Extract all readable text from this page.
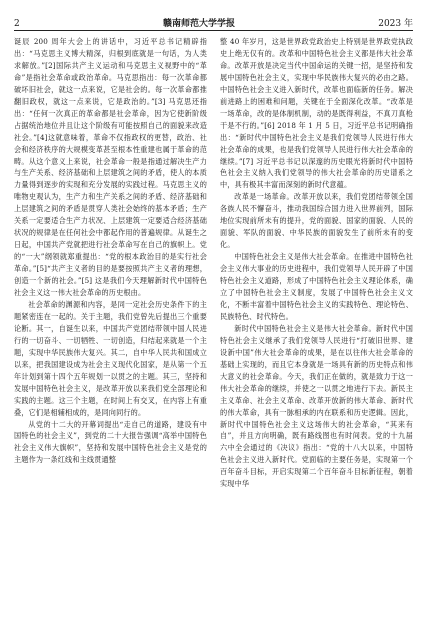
2	赣南师范大学学报	2023 年

诞辰 200 周年大会上的讲话中，习近平总书记精辟指出：“马克思主义博大精深，归根到底就是一句话，为人类求解放。”[2]国际共产主义运动和马克思主义视野中的“革命”是指社会革命或政治革命。马克思指出：每一次革命都破坏旧社会，就这一点来说，它是社会的。每一次革命都推翻旧政权，就这一点来说，它是政治的。”[3] 马克思还指出：“任何一次真正的革命都是社会革命，因为它使新阶级占据统治地位并且让这个阶级有可能按照自己的面貌来改造社会。”[4]这就意味着，革命不仅指政权的更替，政治、社会和经济秩序的大规模变革甚至根本性重建也属于革命的范畴。从这个意义上来说，社会革命一般是指通过解决生产力与生产关系、经济基础和上层建筑之间的矛盾，使人的本质力量得到逐步的实现和充分发展的实践过程。马克思主义的唯物史观认为，生产力和生产关系之间的矛盾、经济基础和上层建筑之间的矛盾是贯穿人类社会始终的基本矛盾；生产关系一定要适合生产力状况、上层建筑一定要适合经济基础状况的规律是在任何社会中都起作用的普遍规律。从诞生之日起，中国共产党就把进行社会革命写在自己的旗帜上。党的“一大”纲领就郑重提出：“党的根本政治目的是实行社会革命。”[5]“共产主义者的目的是要按照共产主义者的理想，创造一个新的社会。”[5] 这是我们今天理解新时代中国特色社会主义这一伟大社会革命的历史根由。

社会革命的渊源和内容，是同一定社会历史条件下的主题紧密连在一起的。关于主题，我们党曾先后提出三个重要论断。其一，自诞生以来，中国共产党团结带领中国人民进行的一切奋斗、一切牺牲、一切创造，归结起来就是一个主题，实现中华民族伟大复兴。其二，自中华人民共和国成立以来，把我国建设成为社会主义现代化国家，是从第一个五年计划到第十四个五年规划一以贯之的主题。其三，坚持和发展中国特色社会主义，是改革开放以来我们党全部理论和实践的主题。这三个主题，在时间上有交叉，在内容上有重叠，它们是相辅相成的，是同向同行的。

从党的十二大的开幕词提出“走自己的道路，建设有中国特色的社会主义”，到党的二十大报告强调“高举中国特色社会主义伟大旗帜”，坚持和发展中国特色社会主义是党的主题作为一条红线和主线贯通整

整 40 年岁月，这是世界政党政治史上特别是世界政党执政史上绝无仅有的。改革和中国特色社会主义都是伟大社会革命。改革开放是决定当代中国命运的关键一招，是坚持和发展中国特色社会主义，实现中华民族伟大复兴的必由之路。中国特色社会主义进入新时代，改革也面临新的任务。解决前进路上的困难和问题，关键在于全面深化改革。“改革是一场革命，改的是体制机制，动的是既得利益，不真刀真枪干是不行的。”[6] 2018 年 1 月 5 日，习近平总书记明确指出：“新时代中国特色社会主义是我们党领导人民进行伟大社会革命的成果，也是我们党领导人民进行伟大社会革命的继续。”[7] 习近平总书记以深邃的历史眼光将新时代中国特色社会主义纳入我们党领导的伟大社会革命的历史谱系之中，具有极其丰富而深刻的新时代意蕴。

改革是一场革命。改革开放以来，我们党团结带领全国各族人民不懈奋斗，推动我国综合国力进入世界前列，国际地位实现前所未有的提升，党的面貌、国家的面貌、人民的面貌、军队的面貌、中华民族的面貌发生了前所未有的变化。

中国特色社会主义是伟大社会革命。在推进中国特色社会主义伟大事业的历史进程中，我们党领导人民开辟了中国特色社会主义道路，形成了中国特色社会主义理论体系，确立了中国特色社会主义制度，发展了中国特色社会主义文化，不断丰富着中国特色社会主义的实践特色、理论特色、民族特色、时代特色。

新时代中国特色社会主义是伟大社会革命。新时代中国特色社会主义继承了我们党领导人民进行“打破旧世界、建设新中国”伟大社会革命的成果，是在以往伟大社会革命的基础上实现的，而且它本身就是一场具有新的历史特点和伟大意义的社会革命。今天，我们正在做的，就是致力于这一伟大社会革命的继续，并使之一以贯之地进行下去。新民主主义革命、社会主义革命、改革开放新的伟大革命、新时代的伟大革命，具有一脉相承的内在联系和历史逻辑。因此，新时代中国特色社会主义这场伟大的社会革命，“其来有自”，并且方向明确，既有路线图也有时间表。党的十九届六中全会通过的《决议》指出：“党的十八大以来，中国特色社会主义进入新时代。党面临的主要任务是，实现第一个百年奋斗目标，开启实现第二个百年奋斗目标新征程，朝着实现中华
